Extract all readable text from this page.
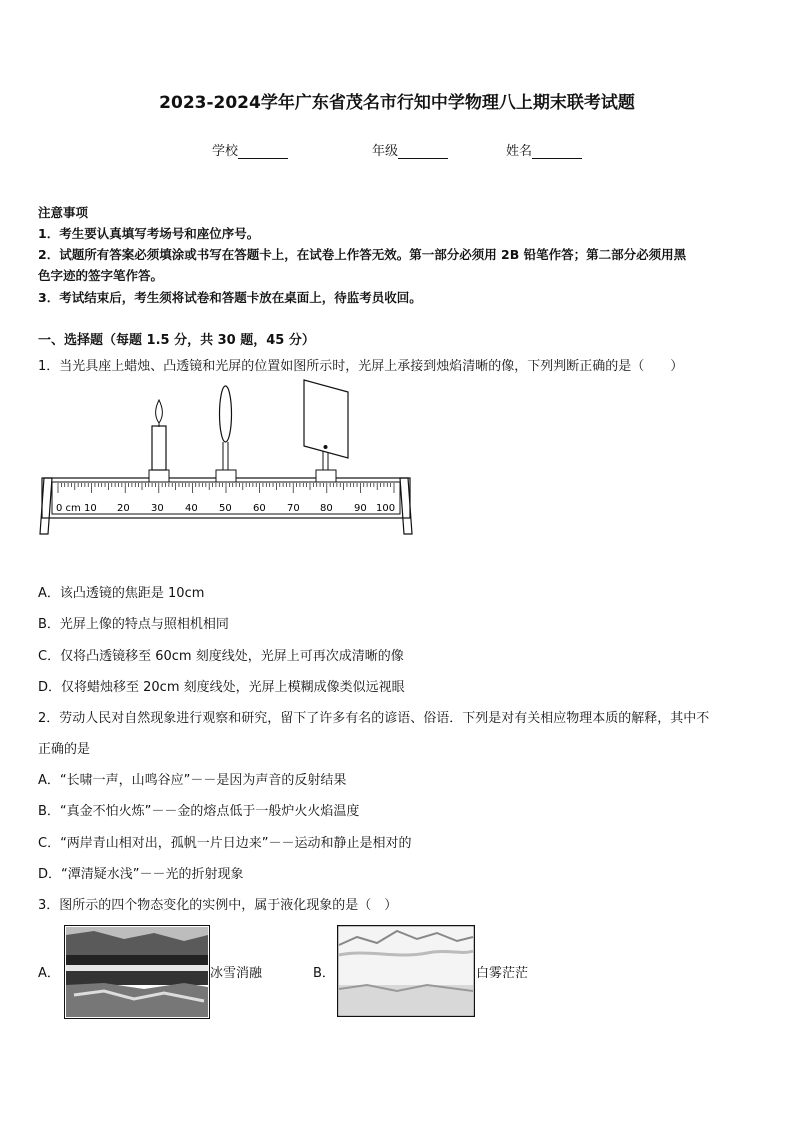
2023-2024学年广东省茂名市行知中学物理八上期末联考试题
学校	年级	姓名
注意事项
1．考生要认真填写考场号和座位序号。
2．试题所有答案必须填涂或书写在答题卡上，在试卷上作答无效。第一部分必须用 2B 铅笔作答；第二部分必须用黑
色字迹的签字笔作答。
3．考试结束后，考生须将试卷和答题卡放在桌面上，待监考员收回。
一、选择题（每题 1.5 分，共 30 题，45 分）
1．当光具座上蜡烛、凸透镜和光屏的位置如图所示时，光屏上承接到烛焰清晰的像，下列判断正确的是（　　）
0 cm 10 20 30 40 50 60 70 80 90 100
A．该凸透镜的焦距是 10cm
B．光屏上像的特点与照相机相同
C．仅将凸透镜移至 60cm 刻度线处，光屏上可再次成清晰的像
D．仅将蜡烛移至 20cm 刻度线处，光屏上模糊成像类似远视眼
2．劳动人民对自然现象进行观察和研究，留下了许多有名的谚语、俗语．下列是对有关相应物理本质的解释，其中不
正确的是
A．“长啸一声，山鸣谷应”－－是因为声音的反射结果
B．“真金不怕火炼”－－金的熔点低于一般炉火火焰温度
C．“两岸青山相对出，孤帆一片日边来”－－运动和静止是相对的
D．“潭清疑水浅”－－光的折射现象
3．图所示的四个物态变化的实例中，属于液化现象的是（　）
A．	冰雪消融	B．	白雾茫茫
